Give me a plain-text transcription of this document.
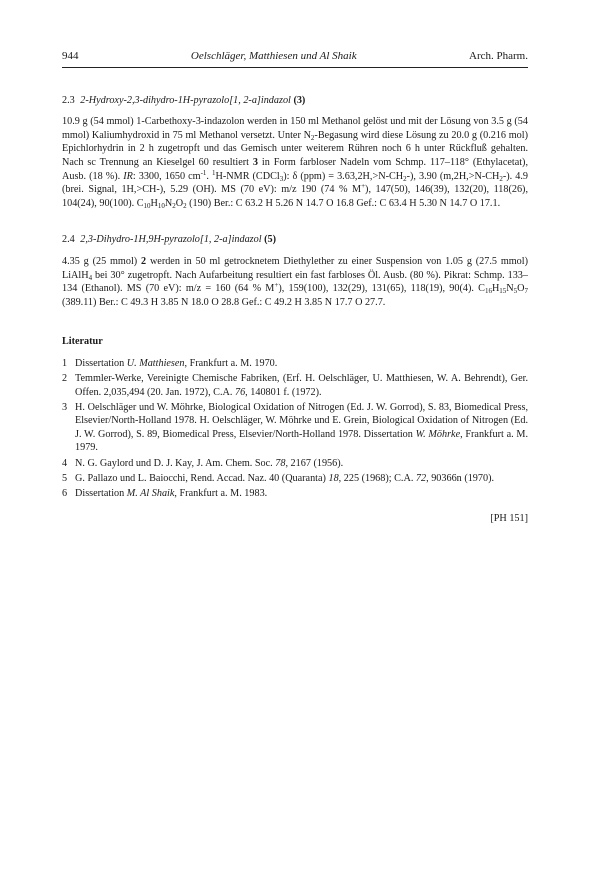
944	Oelschläger, Matthiesen und Al Shaik	Arch. Pharm.
2.3 2-Hydroxy-2,3-dihydro-1H-pyrazolo[1, 2-a]indazol (3)

10.9 g (54 mmol) 1-Carbethoxy-3-indazolon werden in 150 ml Methanol gelöst und mit der Lösung von 3.5 g (54 mmol) Kaliumhydroxid in 75 ml Methanol versetzt. Unter $N_2$-Begasung wird diese Lösung zu 20.0 g (0.216 mol) Epichlorhydrin in 2 h zugetropft und das Gemisch unter weiterem Rühren noch 6 h unter Rückfluß gehalten. Nach sc Trennung an Kieselgel 60 resultiert 3 in Form farbloser Nadeln vom Schmp. 117–118° (Ethylacetat), Ausb. (18 %). IR: 3300, 1650 $cm^{-1}$. $^1$H-NMR (CDCl$_3$): δ $(ppm) = 3.63,2H,>N-CH_2-$), 3.90 $(m,2H,>N-CH_2-)$. 4.9 (brei. Signal, 1H,>CH-), 5.29 (OH). MS (70 eV): m/z 190 (74 % M+), 147(50), 146(39), 132(20), 118(26), 104(24), 90(100). $C_{10}H_{10}N_2O_2$ (190) Ber.: C 63.2 H 5.26 N 14.7 O 16.8 Gef.: C 63.4 H 5.30 N 14.7 O 17.1.

2.4 2,3-Dihydro-1H,9H-pyrazolo[1, 2-a]indazol (5)

4.35 g (25 mmol) 2 werden in 50 ml getrocknetem Diethylether zu einer Suspension von 1.05 g (27.5 mmol) LiAlH$_4$ bei 30° zugetropft. Nach Aufarbeitung resultiert ein fast farbloses Öl. Ausb. (80 %). Pikrat: Schmp. 133–134 (Ethanol). MS (70 eV): m/z = 160 (64 % M+), 159(100), 132(29), 131(65), 118(19), 90(4). $C_{16}H_{15}N_5O_7$ (389.11) Ber.: C 49.3 H 3.85 N 18.0 O 28.8 Gef.: C 49.2 H 3.85 N 17.7 O 27.7.

Literatur
1 Dissertation U. Matthiesen, Frankfurt a. M. 1970.
2 Temmler-Werke, Vereinigte Chemische Fabriken, (Erf. H. Oelschläger, U. Matthiesen, W. A. Behrendt), Ger. Offen. 2,035,494 (20. Jan. 1972), C.A. 76, 140801 f. (1972).
3 H. Oelschläger und W. Möhrke, Biological Oxidation of Nitrogen (Ed. J. W. Gorrod), S. 83, Biomedical Press, Elsevier/North-Holland 1978. H. Oelschläger, W. Möhrke und E. Grein, Biological Oxidation of Nitrogen (Ed. J. W. Gorrod), S. 89, Biomedical Press, Elsevier/North-Holland 1978. Dissertation W. Möhrke, Frankfurt a. M. 1979.
4 N. G. Gaylord und D. J. Kay, J. Am. Chem. Soc. 78, 2167 (1956).
5 G. Pallazo und L. Baiocchi, Rend. Accad. Naz. 40 (Quaranta) 18, 225 (1968); C.A. 72, 90366n (1970).
6 Dissertation M. Al Shaik, Frankfurt a. M. 1983.
[PH 151]
